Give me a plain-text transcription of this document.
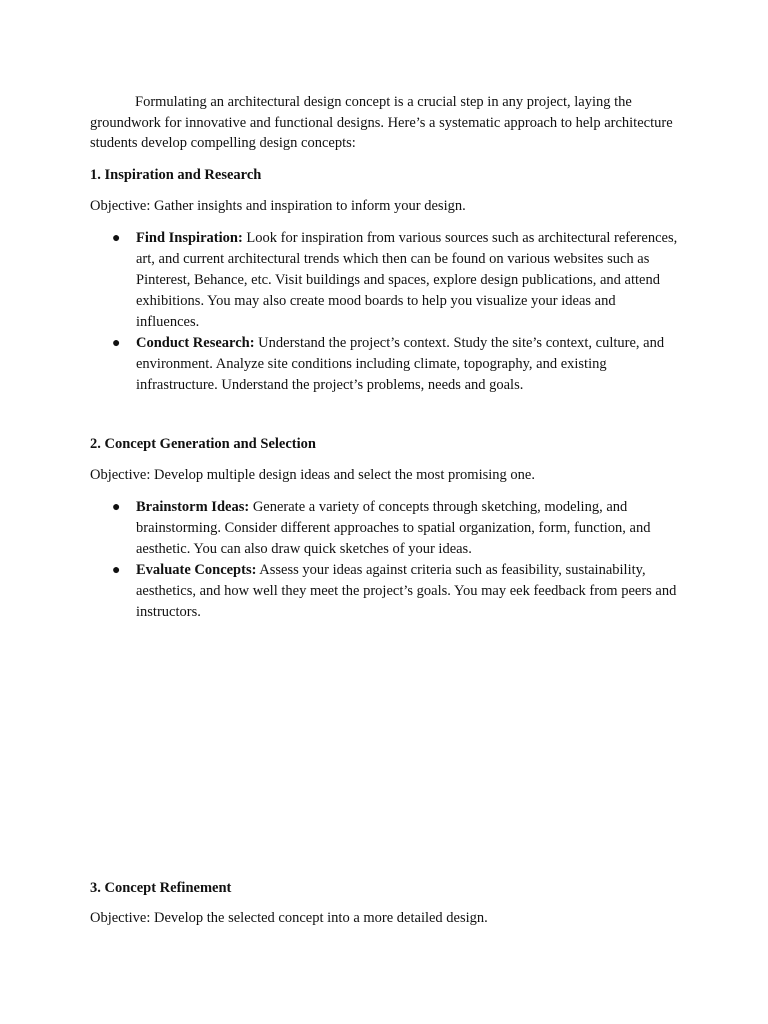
Formulating an architectural design concept is a crucial step in any project, laying the groundwork for innovative and functional designs. Here’s a systematic approach to help architecture students develop compelling design concepts:

1. Inspiration and Research
Objective: Gather insights and inspiration to inform your design.
● Find Inspiration: Look for inspiration from various sources such as architectural references, art, and current architectural trends which then can be found on various websites such as Pinterest, Behance, etc. Visit buildings and spaces, explore design publications, and attend exhibitions. You may also create mood boards to help you visualize your ideas and influences.
● Conduct Research: Understand the project’s context. Study the site’s context, culture, and environment. Analyze site conditions including climate, topography, and existing infrastructure. Understand the project’s problems, needs and goals.
2. Concept Generation and Selection
Objective: Develop multiple design ideas and select the most promising one.
● Brainstorm Ideas: Generate a variety of concepts through sketching, modeling, and brainstorming. Consider different approaches to spatial organization, form, function, and aesthetic. You can also draw quick sketches of your ideas.
● Evaluate Concepts: Assess your ideas against criteria such as feasibility, sustainability, aesthetics, and how well they meet the project’s goals. You may eek feedback from peers and instructors.
3. Concept Refinement
Objective: Develop the selected concept into a more detailed design.
